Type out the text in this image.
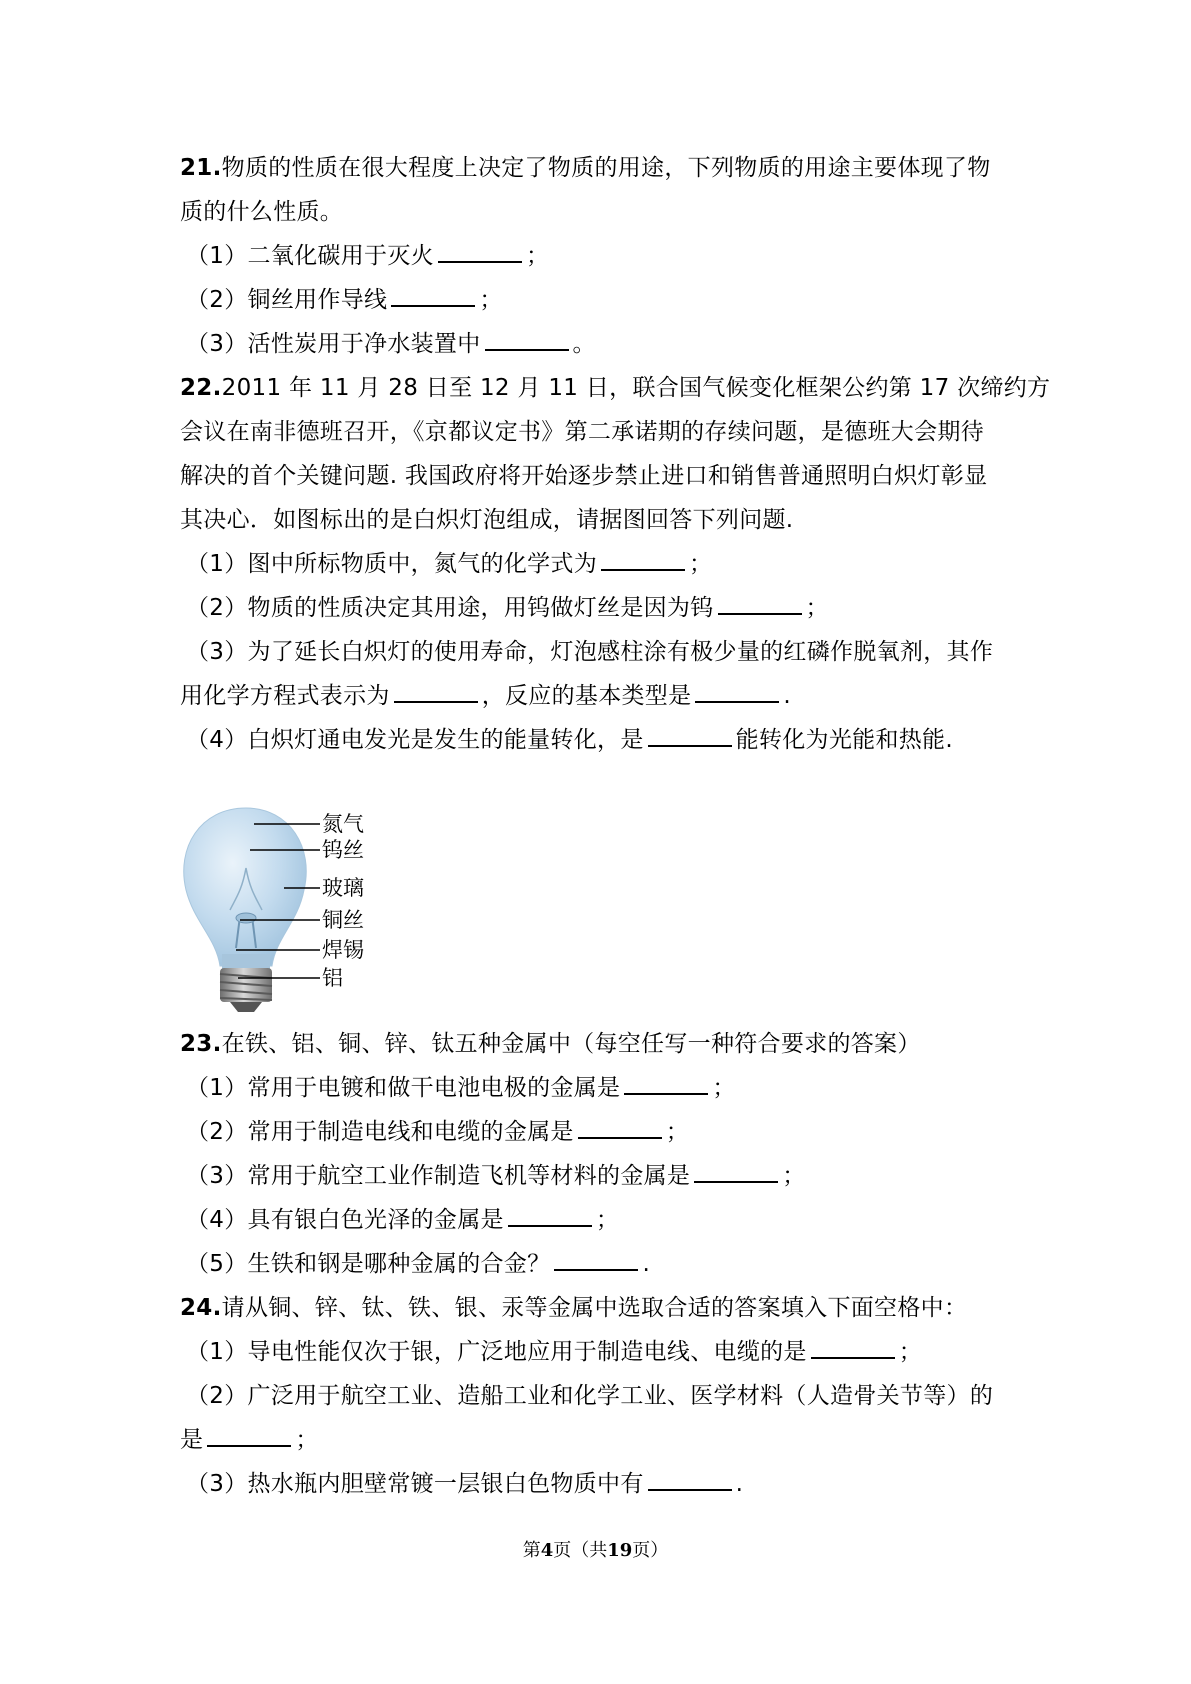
21.物质的性质在很大程度上决定了物质的用途，下列物质的用途主要体现了物
质的什么性质。
（1）二氧化碳用于灭火	；
（2）铜丝用作导线	；
（3）活性炭用于净水装置中	。
22.2011 年 11 月 28 日至 12 月 11 日，联合国气候变化框架公约第 17 次缔约方
会议在南非德班召开，《京都议定书》第二承诺期的存续问题，是德班大会期待
解决的首个关键问题. 我国政府将开始逐步禁止进口和销售普通照明白炽灯彰显
其决心．如图标出的是白炽灯泡组成，请据图回答下列问题.
（1）图中所标物质中，氮气的化学式为	；
（2）物质的性质决定其用途，用钨做灯丝是因为钨	；
（3）为了延长白炽灯的使用寿命，灯泡感柱涂有极少量的红磷作脱氧剂，其作
用化学方程式表示为	，反应的基本类型是	.
（4）白炽灯通电发光是发生的能量转化，是	能转化为光能和热能.
氮气
钨丝
玻璃
铜丝
焊锡
铝
23.在铁、铝、铜、锌、钛五种金属中（每空任写一种符合要求的答案）
（1）常用于电镀和做干电池电极的金属是	；
（2）常用于制造电线和电缆的金属是	；
（3）常用于航空工业作制造飞机等材料的金属是	；
（4）具有银白色光泽的金属是	；
（5）生铁和钢是哪种金属的合金？	.
24.请从铜、锌、钛、铁、银、汞等金属中选取合适的答案填入下面空格中：
（1）导电性能仅次于银，广泛地应用于制造电线、电缆的是	；
（2）广泛用于航空工业、造船工业和化学工业、医学材料（人造骨关节等）的
是	；
（3）热水瓶内胆壁常镀一层银白色物质中有	.
第4页（共19页）
